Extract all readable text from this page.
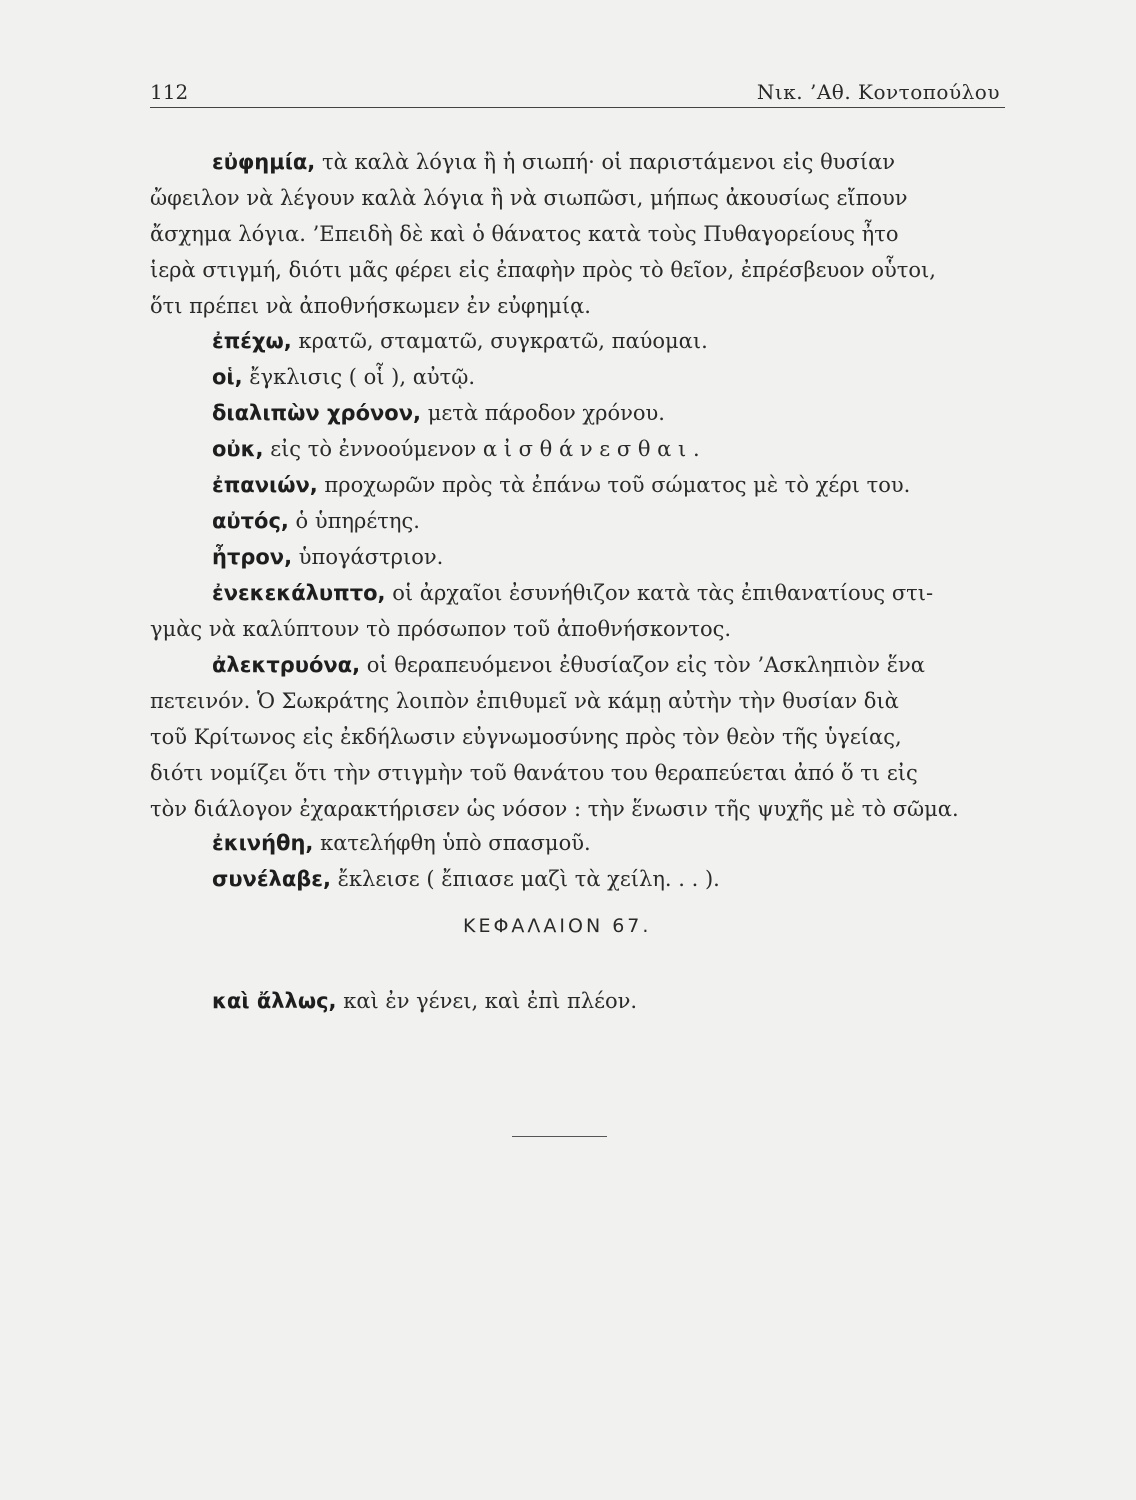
112	Νικ. ’Αθ. Κοντοπούλου
εὐφημία, τὰ καλὰ λόγια ἢ ἡ σιωπή· οἱ παριστάμενοι εἰς θυσίαν
ὤφειλον νὰ λέγουν καλὰ λόγια ἢ νὰ σιωπῶσι, μήπως ἀκουσίως εἴπουν
ἄσχημα λόγια. ’Επειδὴ δὲ καὶ ὁ θάνατος κατὰ τοὺς Πυθαγορείους ἦτο
ἱερὰ στιγμή, διότι μᾶς φέρει εἰς ἐπαφὴν πρὸς τὸ θεῖον, ἐπρέσβευον οὗτοι,
ὅτι πρέπει νὰ ἀποθνήσκωμεν ἐν εὐφημίᾳ.
ἐπέχω, κρατῶ, σταματῶ, συγκρατῶ, παύομαι.
οἱ, ἔγκλισις ( οἷ ), αὐτῷ.
διαλιπὼν χρόνον, μετὰ πάροδον χρόνου.
οὐκ, εἰς τὸ ἐννοούμενον α ἰ σ θ ά ν ε σ θ α ι .
ἐπανιών, προχωρῶν πρὸς τὰ ἐπάνω τοῦ σώματος μὲ τὸ χέρι του.
αὐτός, ὁ ὑπηρέτης.
ἦτρον, ὑπογάστριον.
ἐνεκεκάλυπτο, οἱ ἀρχαῖοι ἐσυνήθιζον κατὰ τὰς ἐπιθανατίους στι-
γμὰς νὰ καλύπτουν τὸ πρόσωπον τοῦ ἀποθνήσκοντος.
ἀλεκτρυόνα, οἱ θεραπευόμενοι ἐθυσίαζον εἰς τὸν ’Ασκληπιὸν ἕνα
πετεινόν. Ὁ Σωκράτης λοιπὸν ἐπιθυμεῖ νὰ κάμῃ αὐτὴν τὴν θυσίαν διὰ
τοῦ Κρίτωνος εἰς ἐκδήλωσιν εὐγνωμοσύνης πρὸς τὸν θεὸν τῆς ὑγείας,
διότι νομίζει ὅτι τὴν στιγμὴν τοῦ θανάτου του θεραπεύεται ἀπό ὅ τι εἰς
τὸν διάλογον ἐχαρακτήρισεν ὡς νόσον : τὴν ἕνωσιν τῆς ψυχῆς μὲ τὸ σῶμα.
ἐκινήθη, κατελήφθη ὑπὸ σπασμοῦ.
συνέλαβε, ἔκλεισε ( ἔπιασε μαζὶ τὰ χείλη. . . ).
ΚΕΦΑΛΑΙΟΝ 67.
καὶ ἄλλως, καὶ ἐν γένει, καὶ ἐπὶ πλέον.
